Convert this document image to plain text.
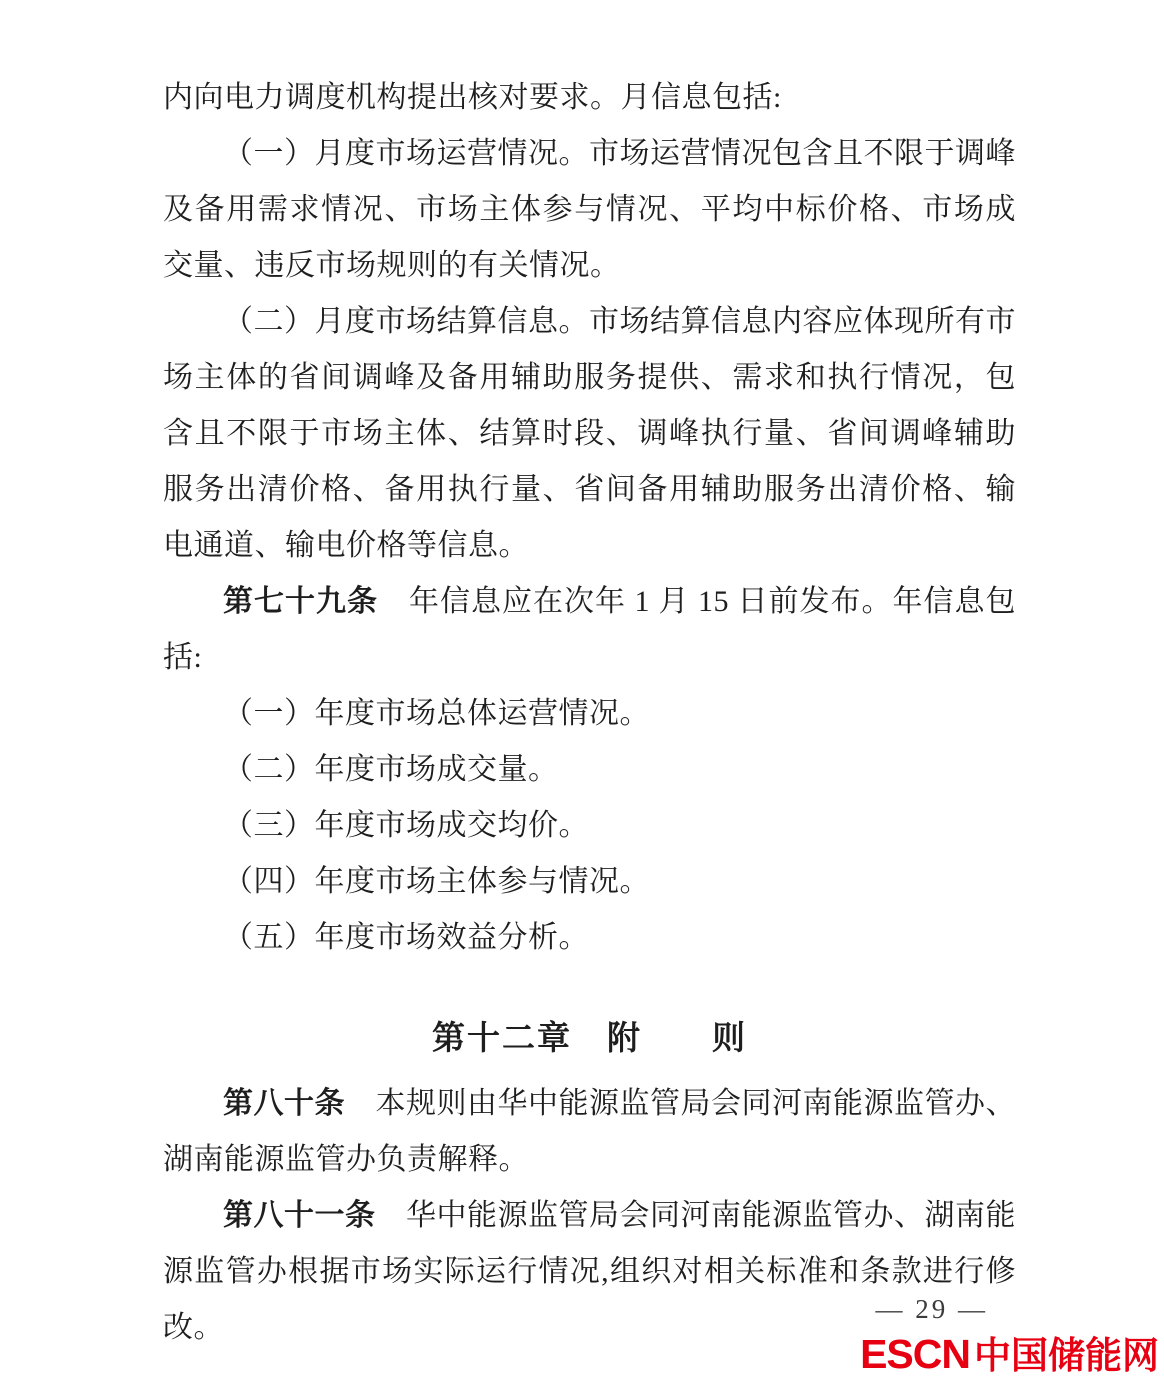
内向电力调度机构提出核对要求。月信息包括:

（一）月度市场运营情况。市场运营情况包含且不限于调峰及备用需求情况、市场主体参与情况、平均中标价格、市场成交量、违反市场规则的有关情况。

（二）月度市场结算信息。市场结算信息内容应体现所有市场主体的省间调峰及备用辅助服务提供、需求和执行情况，包含且不限于市场主体、结算时段、调峰执行量、省间调峰辅助服务出清价格、备用执行量、省间备用辅助服务出清价格、输电通道、输电价格等信息。

第七十九条　年信息应在次年 1 月 15 日前发布。年信息包括:

（一）年度市场总体运营情况。

（二）年度市场成交量。

（三）年度市场成交均价。

（四）年度市场主体参与情况。

（五）年度市场效益分析。

第十二章　附　　则

第八十条　本规则由华中能源监管局会同河南能源监管办、湖南能源监管办负责解释。

第八十一条　华中能源监管局会同河南能源监管办、湖南能源监管办根据市场实际运行情况,组织对相关标准和条款进行修改。

— 29 —
ESCN 中国储能网
